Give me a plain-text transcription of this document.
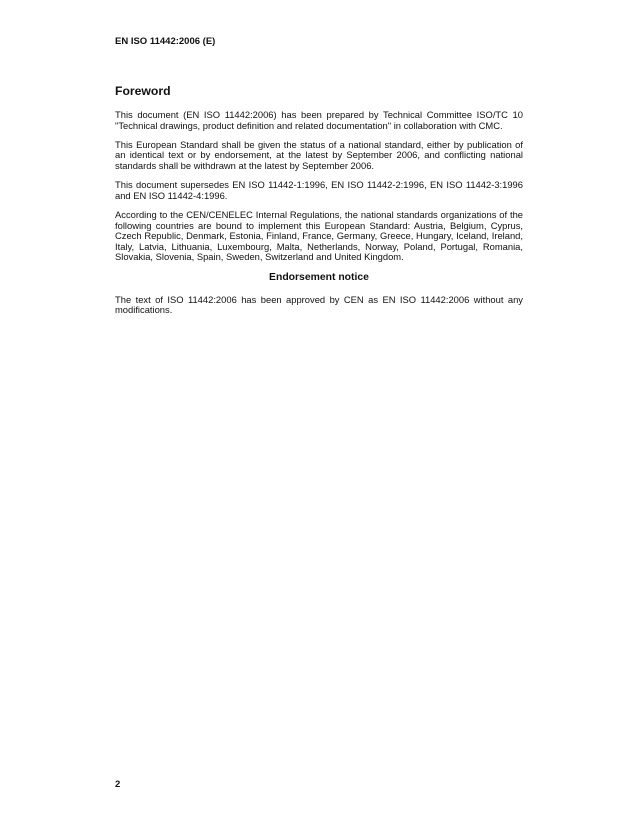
EN ISO 11442:2006 (E)
Foreword

This document (EN ISO 11442:2006) has been prepared by Technical Committee ISO/TC 10 "Technical drawings, product definition and related documentation" in collaboration with CMC.

This European Standard shall be given the status of a national standard, either by publication of an identical text or by endorsement, at the latest by September 2006, and conflicting national standards shall be withdrawn at the latest by September 2006.

This document supersedes EN ISO 11442-1:1996, EN ISO 11442-2:1996, EN ISO 11442-3:1996 and EN ISO 11442-4:1996.

According to the CEN/CENELEC Internal Regulations, the national standards organizations of the following countries are bound to implement this European Standard: Austria, Belgium, Cyprus, Czech Republic, Denmark, Estonia, Finland, France, Germany, Greece, Hungary, Iceland, Ireland, Italy, Latvia, Lithuania, Luxembourg, Malta, Netherlands, Norway, Poland, Portugal, Romania, Slovakia, Slovenia, Spain, Sweden, Switzerland and United Kingdom.

Endorsement notice

The text of ISO 11442:2006 has been approved by CEN as EN ISO 11442:2006 without any modifications.

2
